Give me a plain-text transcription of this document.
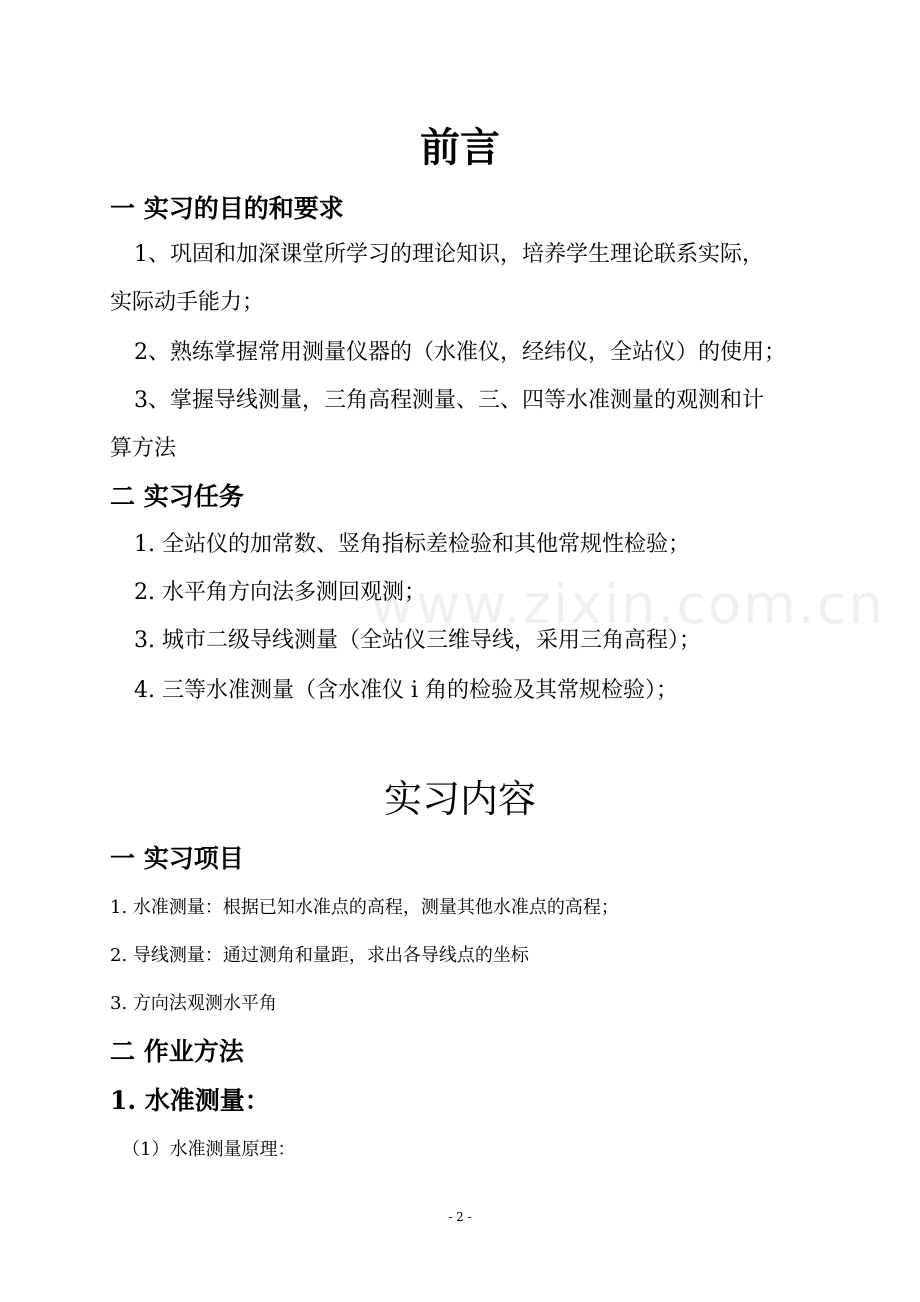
www.zixin.com.cn
前言
一 实习的目的和要求

1、巩固和加深课堂所学习的理论知识，培养学生理论联系实际，

实际动手能力；

2、熟练掌握常用测量仪器的（水准仪，经纬仪，全站仪）的使用；

3、掌握导线测量，三角高程测量、三、四等水准测量的观测和计

算方法

二 实习任务

1. 全站仪的加常数、竖角指标差检验和其他常规性检验；

2. 水平角方向法多测回观测；

3. 城市二级导线测量（全站仪三维导线，采用三角高程）；

4. 三等水准测量（含水准仪 i 角的检验及其常规检验）；

实习内容
一 实习项目

1. 水准测量：根据已知水准点的高程，测量其他水准点的高程；

2. 导线测量：通过测角和量距，求出各导线点的坐标

3. 方向法观测水平角

二 作业方法
1. 水准测量：

（1）水准测量原理：

- 2 -
